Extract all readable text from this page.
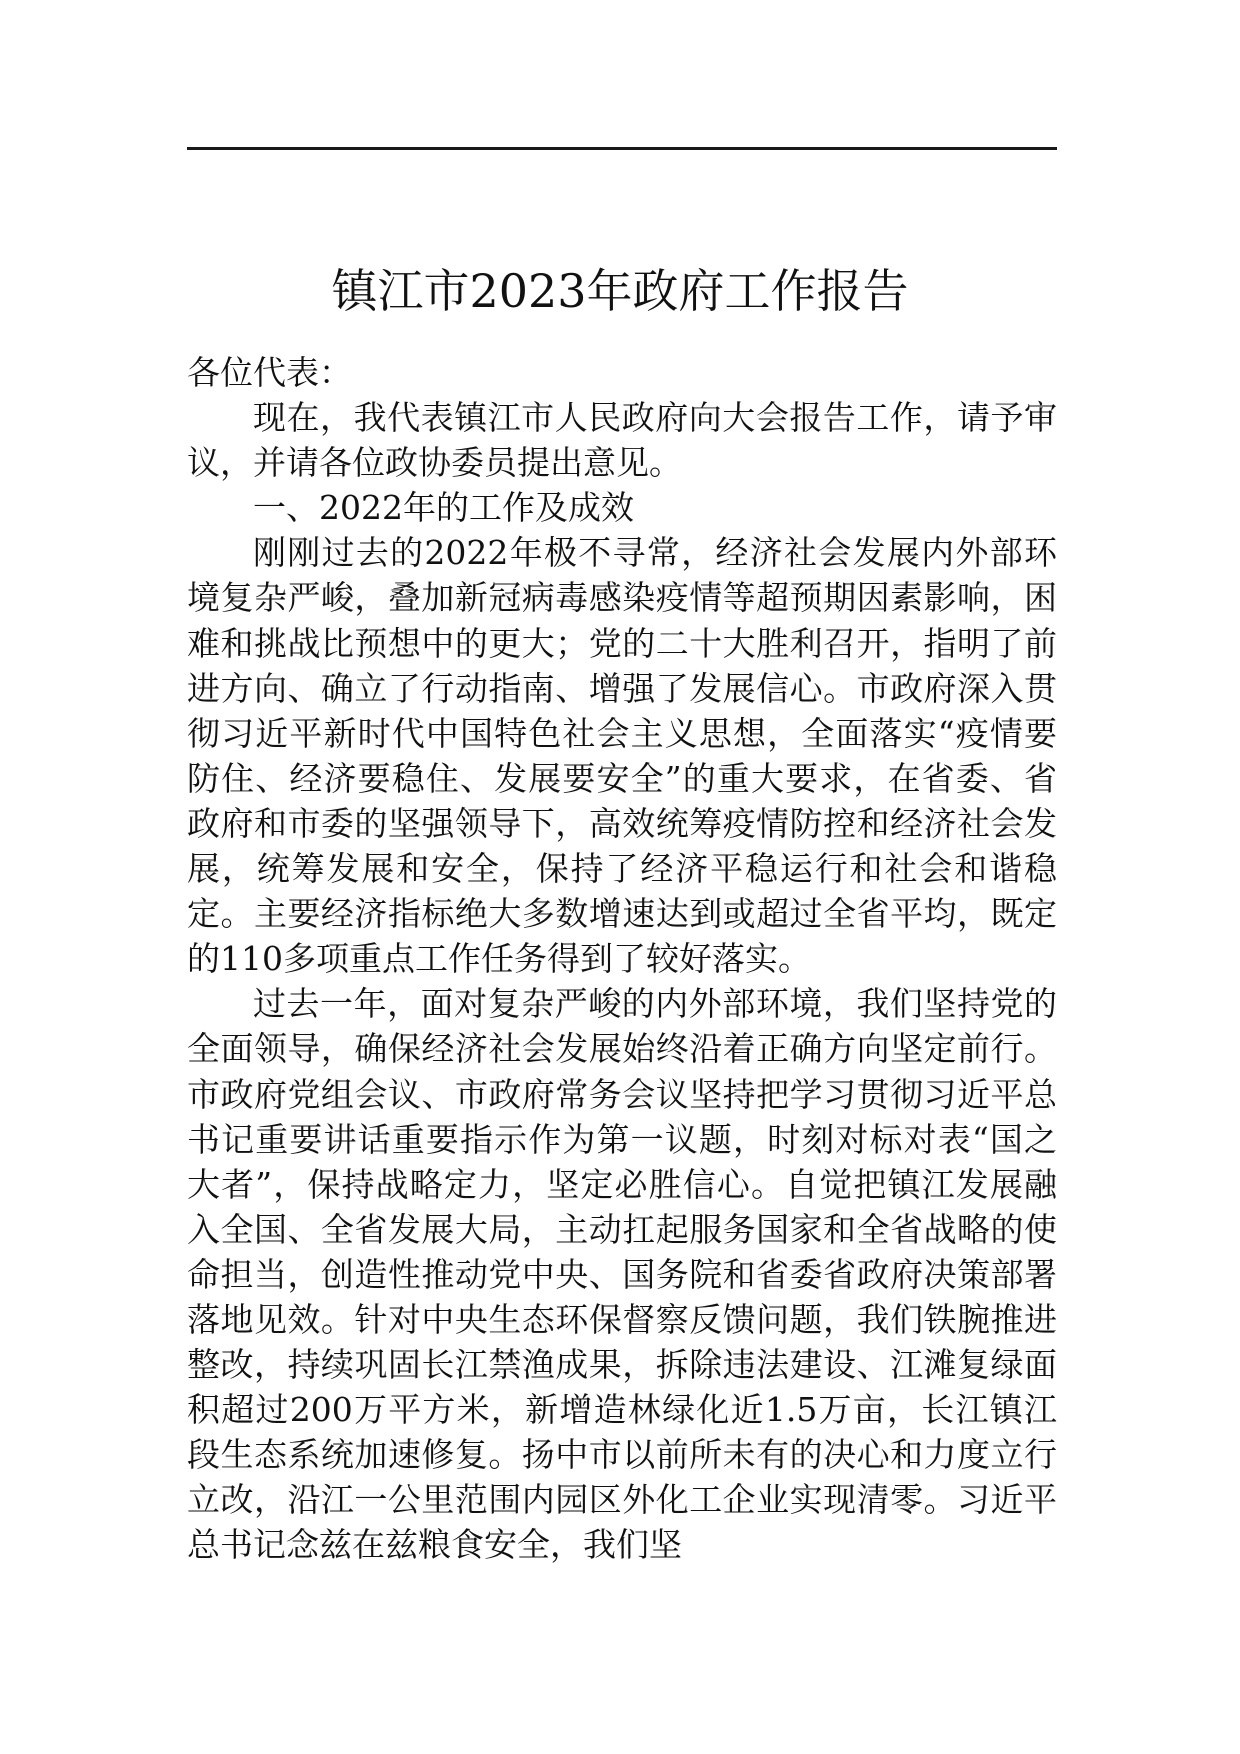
镇江市2023年政府工作报告

各位代表：

现在，我代表镇江市人民政府向大会报告工作，请予审议，并请各位政协委员提出意见。

一、2022年的工作及成效

刚刚过去的2022年极不寻常，经济社会发展内外部环境复杂严峻，叠加新冠病毒感染疫情等超预期因素影响，困难和挑战比预想中的更大；党的二十大胜利召开，指明了前进方向、确立了行动指南、增强了发展信心。市政府深入贯彻习近平新时代中国特色社会主义思想，全面落实“疫情要防住、经济要稳住、发展要安全”的重大要求，在省委、省政府和市委的坚强领导下，高效统筹疫情防控和经济社会发展，统筹发展和安全，保持了经济平稳运行和社会和谐稳定。主要经济指标绝大多数增速达到或超过全省平均，既定的110多项重点工作任务得到了较好落实。

过去一年，面对复杂严峻的内外部环境，我们坚持党的全面领导，确保经济社会发展始终沿着正确方向坚定前行。市政府党组会议、市政府常务会议坚持把学习贯彻习近平总书记重要讲话重要指示作为第一议题，时刻对标对表“国之大者”，保持战略定力，坚定必胜信心。自觉把镇江发展融入全国、全省发展大局，主动扛起服务国家和全省战略的使命担当，创造性推动党中央、国务院和省委省政府决策部署落地见效。针对中央生态环保督察反馈问题，我们铁腕推进整改，持续巩固长江禁渔成果，拆除违法建设、江滩复绿面积超过200万平方米，新增造林绿化近1.5万亩，长江镇江段生态系统加速修复。扬中市以前所未有的决心和力度立行立改，沿江一公里范围内园区外化工企业实现清零。习近平总书记念兹在兹粮食安全，我们坚
